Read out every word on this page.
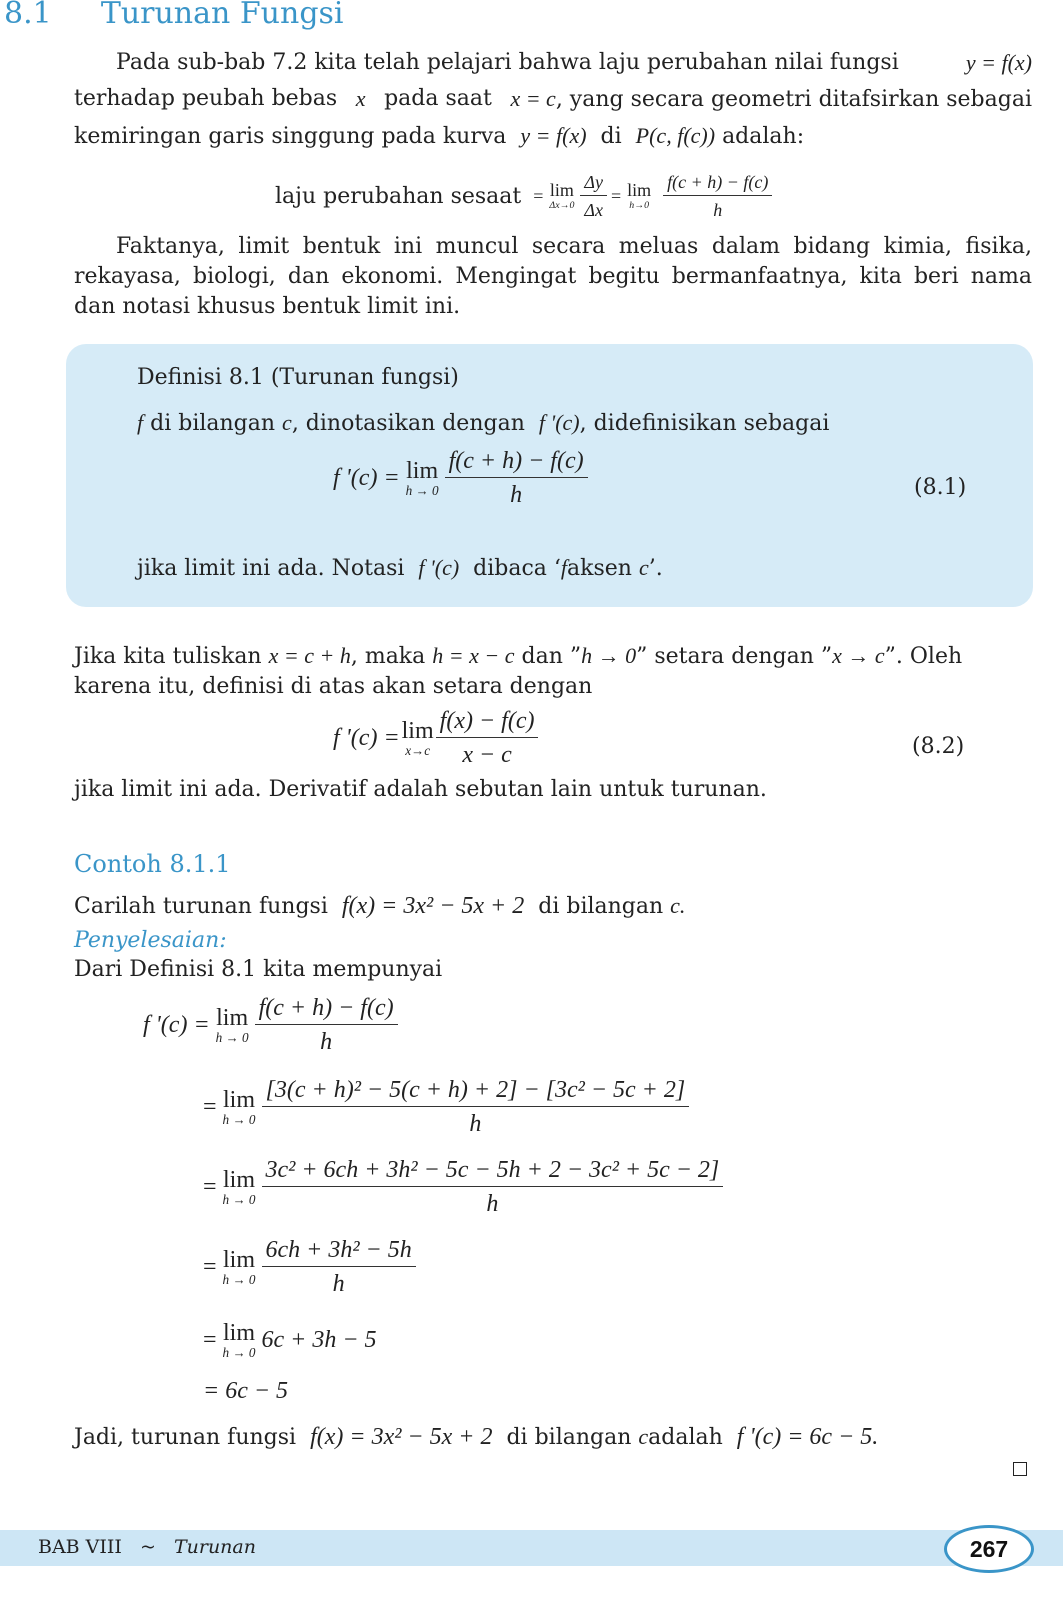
8.1 Turunan Fungsi
Pada sub-bab 7.2 kita telah pelajari bahwa laju perubahan nilai fungsi	y = f(x)
terhadap peubah bebas x pada saat x = c, yang secara geometri ditafsirkan sebagai
kemiringan garis singgung pada kurva y = f(x) di P(c, f(c)) adalah:
laju perubahan sesaat = lim
$\Delta x\to 0 \frac{\Delta y}{\Delta x} = \lim$
$h\to 0 \frac{f(c + h) - f(c)}{h}$
Faktanya, limit bentuk ini muncul secara meluas dalam bidang kimia, fisika, rekayasa, biologi, dan ekonomi. Mengingat begitu bermanfaatnya, kita beri nama dan notasi khusus bentuk limit ini.
Definisi 8.1 (Turunan fungsi)
f di bilangan c, dinotasikan dengan f '(c), didefinisikan sebagai
f '(c) = lim
$h \to 0 \frac{f(c + h) - f(c)}{h}$	(8.1)
jika limit ini ada. Notasi f '(c) dibaca ‘faksen c’.
Jika kita tuliskan x = c + h, maka h = x − c dan ”h → 0” setara dengan ”x → c”. Oleh
karena itu, definisi di atas akan setara dengan
f '(c) = lim
$x\to c \frac{f(x) - f(c)}{x - c}$	(8.2)
jika limit ini ada. Derivatif adalah sebutan lain untuk turunan.
Contoh 8.1.1
Carilah turunan fungsi f(x) = 3x² − 5x + 2 di bilangan c.
Penyelesaian:
Dari Definisi 8.1 kita mempunyai
f '(c) = lim
$h \to 0 \frac{f(c + h) - f(c)}{h}$
= lim
$h \to 0 \frac{\text{[3(c + h)² − 5(c + h) + 2] − [3c² − 5c + 2]}}{h}$
= lim
$h \to 0 \frac{\text{3c² + 6ch + 3h² − 5c − 5h + 2 − 3c² + 5c − 2]}}{h}$
= lim
$h \to 0 \frac{\text{6ch + 3h² − 5h}}{h}$
= lim
h → 0 6c + 3h − 5
= 6c − 5
Jadi, turunan fungsi f(x) = 3x² − 5x + 2 di bilangan cadalah f '(c) = 6c − 5.
BAB VIII ~ Turunan	267
